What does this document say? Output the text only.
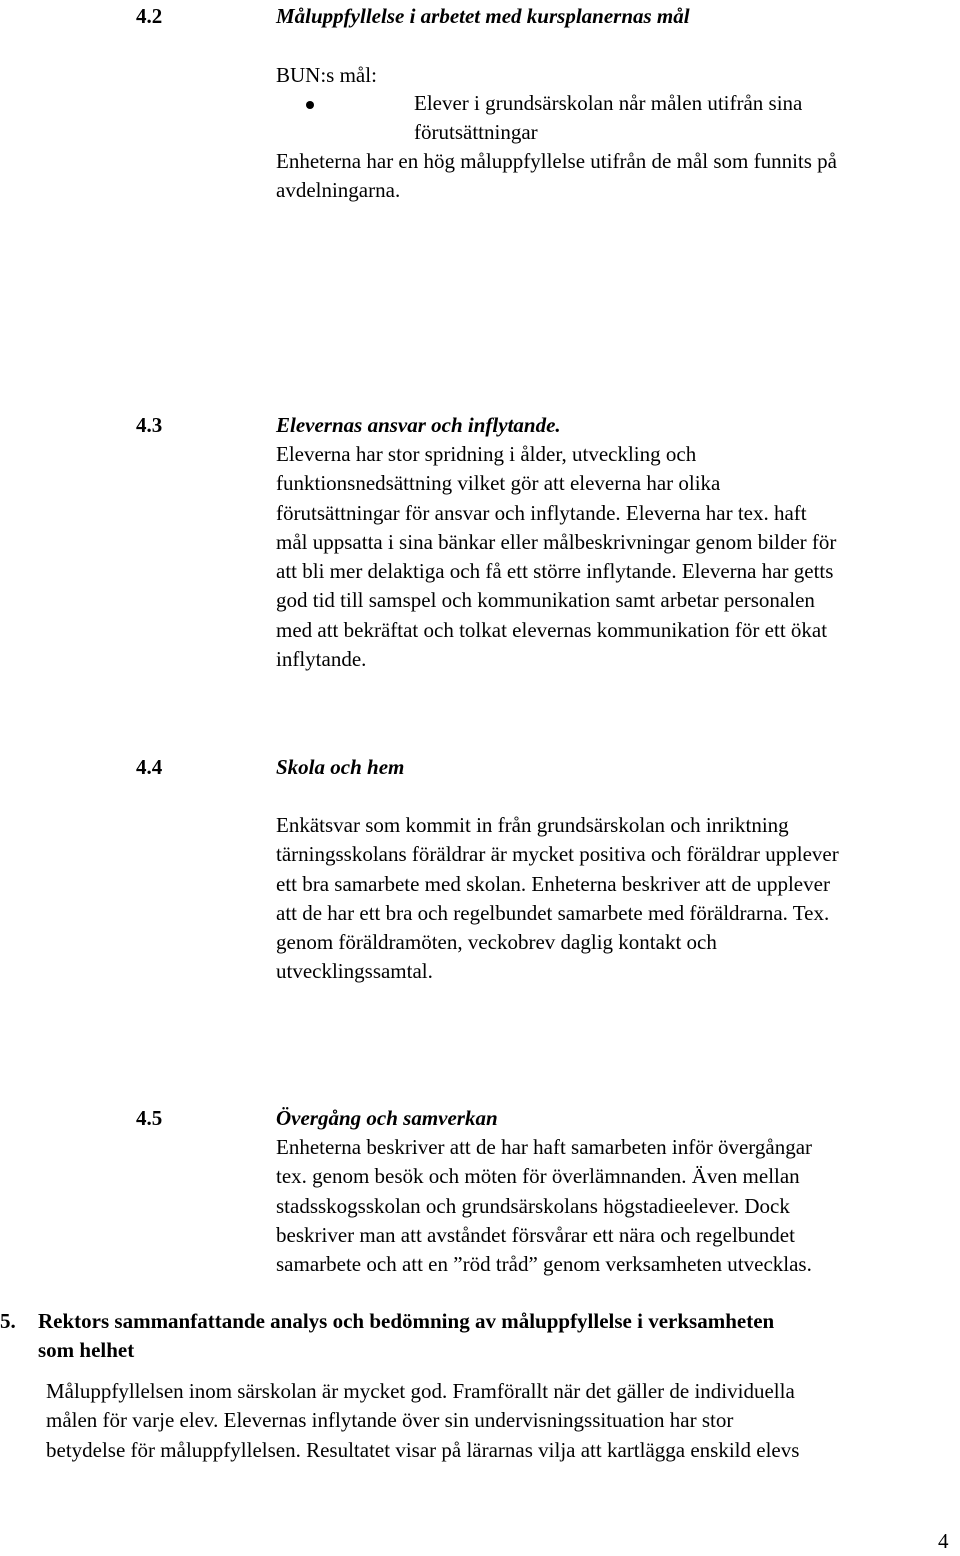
4.2	Måluppfyllelse i arbetet med kursplanernas mål
BUN:s mål:
Elever i grundsärskolan når målen utifrån sina
förutsättningar
Enheterna har en hög måluppfyllelse utifrån de mål som funnits på
avdelningarna.
4.3	Elevernas ansvar och inflytande.
Eleverna har stor spridning i ålder, utveckling och
funktionsnedsättning vilket gör att eleverna har olika
förutsättningar för ansvar och inflytande. Eleverna har tex. haft
mål uppsatta i sina bänkar eller målbeskrivningar genom bilder för
att bli mer delaktiga och få ett större inflytande. Eleverna har getts
god tid till samspel och kommunikation samt arbetar personalen
med att bekräftat och tolkat elevernas kommunikation för ett ökat
inflytande.
4.4	Skola och hem
Enkätsvar som kommit in från grundsärskolan och inriktning
tärningsskolans föräldrar är mycket positiva och föräldrar upplever
ett bra samarbete med skolan. Enheterna beskriver att de upplever
att de har ett bra och regelbundet samarbete med föräldrarna. Tex.
genom föräldramöten, veckobrev daglig kontakt och
utvecklingssamtal.
4.5	Övergång och samverkan
Enheterna beskriver att de har haft samarbeten inför övergångar
tex. genom besök och möten för överlämnanden. Även mellan
stadsskogsskolan och grundsärskolans högstadieelever. Dock
beskriver man att avståndet försvårar ett nära och regelbundet
samarbete och att en ”röd tråd” genom verksamheten utvecklas.
5. Rektors sammanfattande analys och bedömning av måluppfyllelse i verksamheten
som helhet
Måluppfyllelsen inom särskolan är mycket god. Framförallt när det gäller de individuella
målen för varje elev. Elevernas inflytande över sin undervisningssituation har stor
betydelse för måluppfyllelsen. Resultatet visar på lärarnas vilja att kartlägga enskild elevs
4
